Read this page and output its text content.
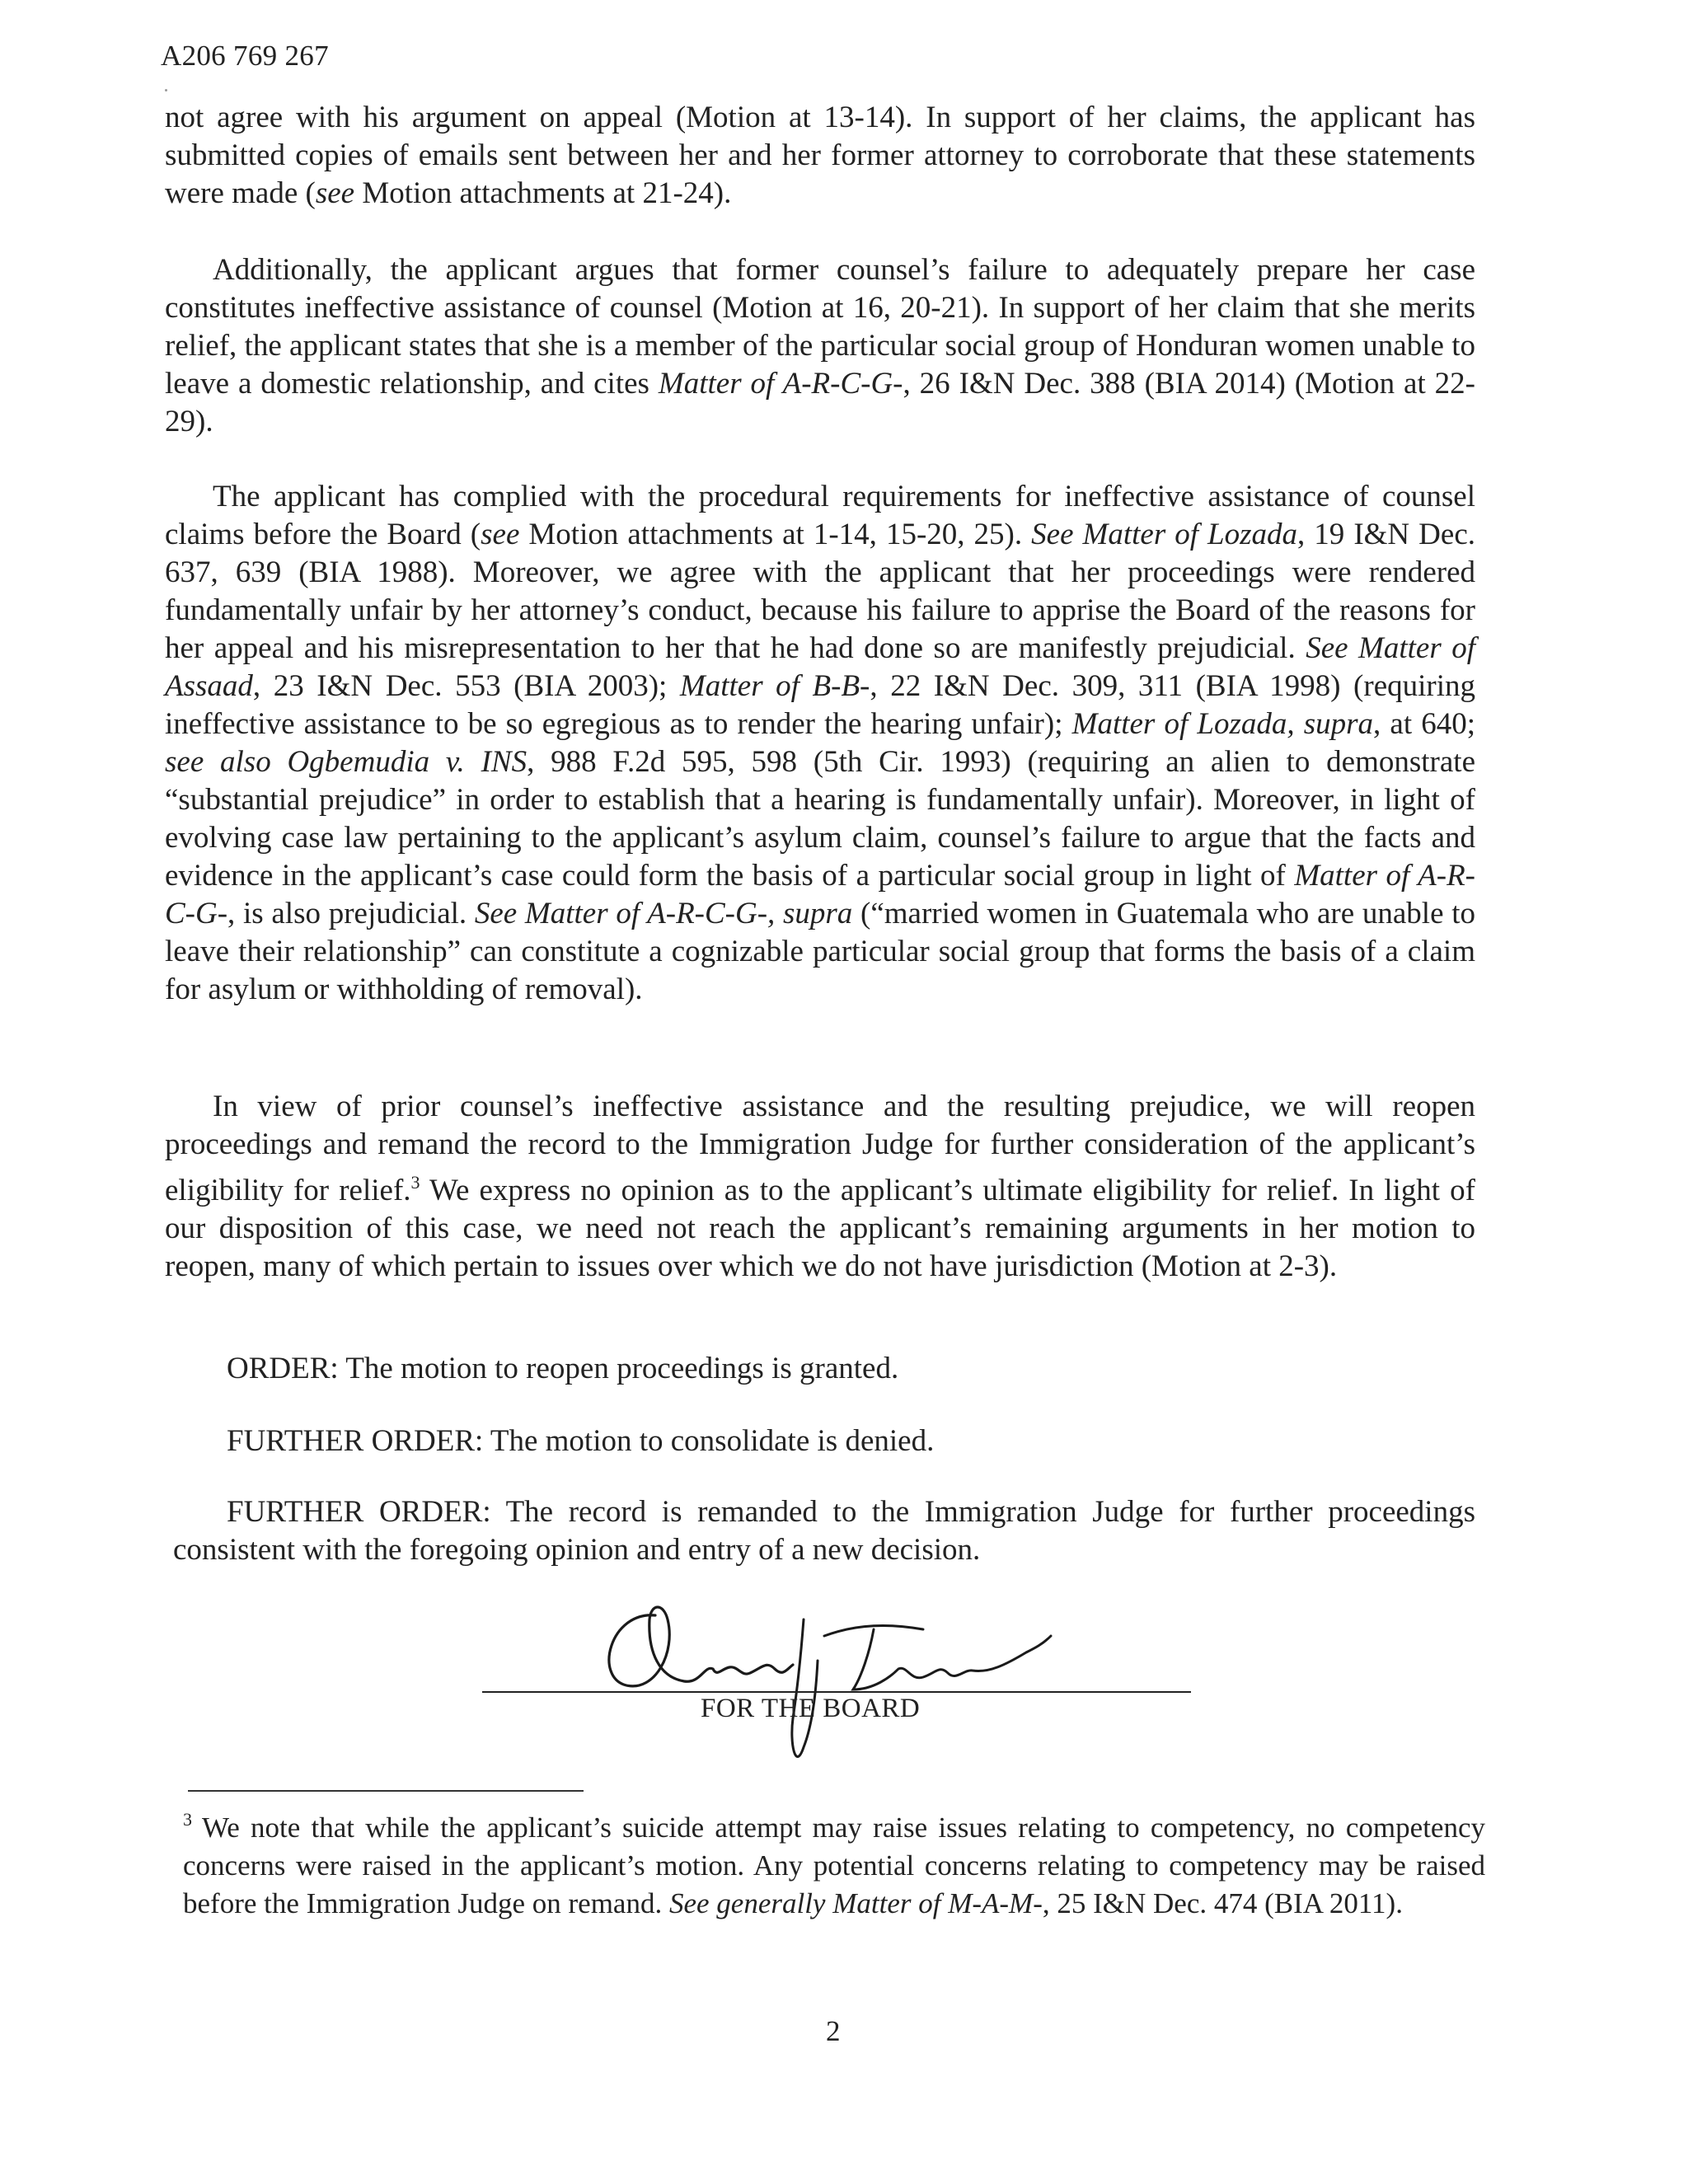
A206 769 267

not agree with his argument on appeal (Motion at 13-14). In support of her claims, the applicant has submitted copies of emails sent between her and her former attorney to corroborate that these statements were made (see Motion attachments at 21-24).

Additionally, the applicant argues that former counsel’s failure to adequately prepare her case constitutes ineffective assistance of counsel (Motion at 16, 20-21). In support of her claim that she merits relief, the applicant states that she is a member of the particular social group of Honduran women unable to leave a domestic relationship, and cites Matter of A-R-C-G-, 26 I&N Dec. 388 (BIA 2014) (Motion at 22-29).

The applicant has complied with the procedural requirements for ineffective assistance of counsel claims before the Board (see Motion attachments at 1-14, 15-20, 25). See Matter of Lozada, 19 I&N Dec. 637, 639 (BIA 1988). Moreover, we agree with the applicant that her proceedings were rendered fundamentally unfair by her attorney’s conduct, because his failure to apprise the Board of the reasons for her appeal and his misrepresentation to her that he had done so are manifestly prejudicial. See Matter of Assaad, 23 I&N Dec. 553 (BIA 2003); Matter of B-B-, 22 I&N Dec. 309, 311 (BIA 1998) (requiring ineffective assistance to be so egregious as to render the hearing unfair); Matter of Lozada, supra, at 640; see also Ogbemudia v. INS, 988 F.2d 595, 598 (5th Cir. 1993) (requiring an alien to demonstrate “substantial prejudice” in order to establish that a hearing is fundamentally unfair). Moreover, in light of evolving case law pertaining to the applicant’s asylum claim, counsel’s failure to argue that the facts and evidence in the applicant’s case could form the basis of a particular social group in light of Matter of A-R-C-G-, is also prejudicial. See Matter of A-R-C-G-, supra (“married women in Guatemala who are unable to leave their relationship” can constitute a cognizable particular social group that forms the basis of a claim for asylum or withholding of removal).

In view of prior counsel’s ineffective assistance and the resulting prejudice, we will reopen proceedings and remand the record to the Immigration Judge for further consideration of the applicant’s eligibility for relief.$^3$ We express no opinion as to the applicant’s ultimate eligibility for relief. In light of our disposition of this case, we need not reach the applicant’s remaining arguments in her motion to reopen, many of which pertain to issues over which we do not have jurisdiction (Motion at 2-3).

ORDER: The motion to reopen proceedings is granted.
FURTHER ORDER: The motion to consolidate is denied.

FURTHER ORDER: The record is remanded to the Immigration Judge for further proceedings consistent with the foregoing opinion and entry of a new decision.

FOR THE BOARD

$^3$ We note that while the applicant’s suicide attempt may raise issues relating to competency, no competency concerns were raised in the applicant’s motion. Any potential concerns relating to competency may be raised before the Immigration Judge on remand. See generally Matter of M-A-M-, 25 I&N Dec. 474 (BIA 2011).

2
